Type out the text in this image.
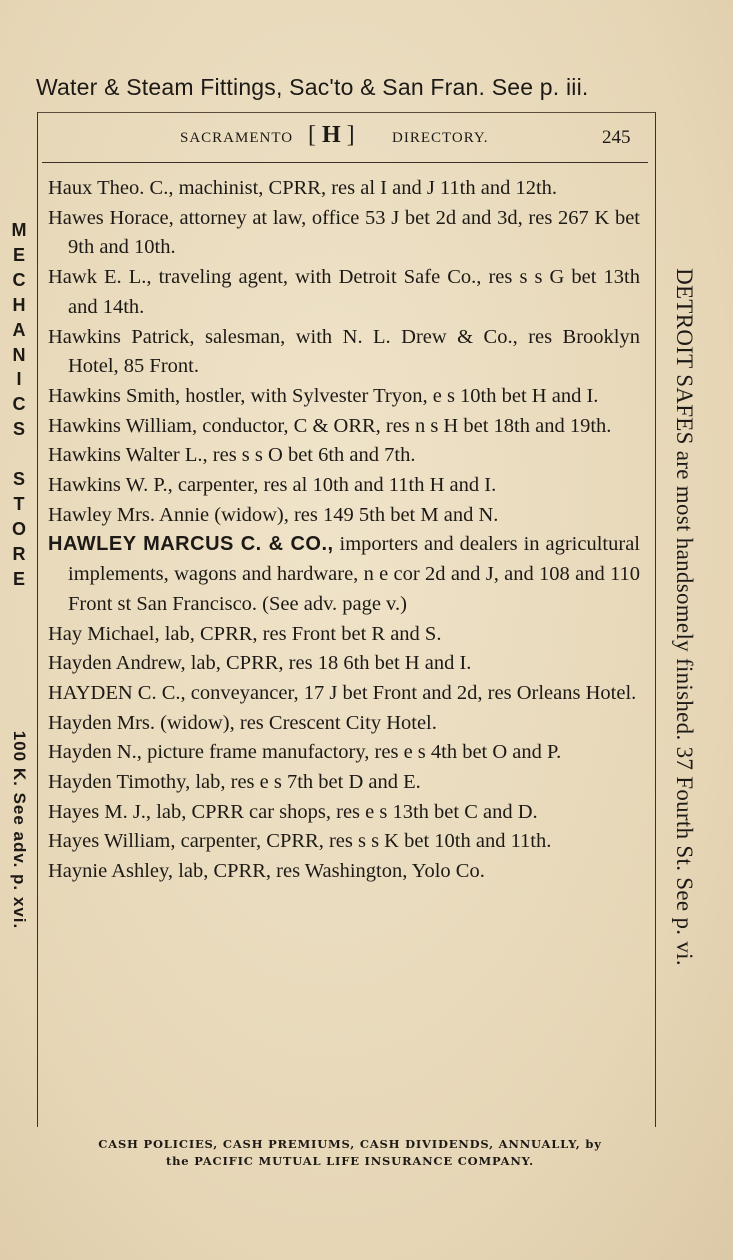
Water & Steam Fittings, Sac'to & San Fran. See p. iii.
SACRAMENTO [ H ] DIRECTORY.	245
Haux Theo. C., machinist, CPRR, res al I and J 11th and 12th.
Hawes Horace, attorney at law, office 53 J bet 2d and 3d, res 267 K bet 9th and 10th.
Hawk E. L., traveling agent, with Detroit Safe Co., res s s G bet 13th and 14th.
Hawkins Patrick, salesman, with N. L. Drew & Co., res Brooklyn Hotel, 85 Front.
Hawkins Smith, hostler, with Sylvester Tryon, e s 10th bet H and I.
Hawkins William, conductor, C & ORR, res n s H bet 18th and 19th.
Hawkins Walter L., res s s O bet 6th and 7th.
Hawkins W. P., carpenter, res al 10th and 11th H and I.
Hawley Mrs. Annie (widow), res 149 5th bet M and N.
HAWLEY MARCUS C. & CO., importers and dealers in agricultural implements, wagons and hardware, n e cor 2d and J, and 108 and 110 Front st San Francisco. (See adv. page v.)
Hay Michael, lab, CPRR, res Front bet R and S.
Hayden Andrew, lab, CPRR, res 18 6th bet H and I.
HAYDEN C. C., conveyancer, 17 J bet Front and 2d, res Orleans Hotel.
Hayden Mrs. (widow), res Crescent City Hotel.
Hayden N., picture frame manufactory, res e s 4th bet O and P.
Hayden Timothy, lab, res e s 7th bet D and E.
Hayes M. J., lab, CPRR car shops, res e s 13th bet C and D.
Hayes William, carpenter, CPRR, res s s K bet 10th and 11th.
Haynie Ashley, lab, CPRR, res Washington, Yolo Co.
M
E
C
H
A
N
I
C
S

S
T
O
R
E
100 K. See adv. p. xvi.	DETROIT SAFES are most handsomely finished. 37 Fourth St. See p. vi.
CASH POLICIES, CASH PREMIUMS, CASH DIVIDENDS, ANNUALLY, by
the PACIFIC MUTUAL LIFE INSURANCE COMPANY.
